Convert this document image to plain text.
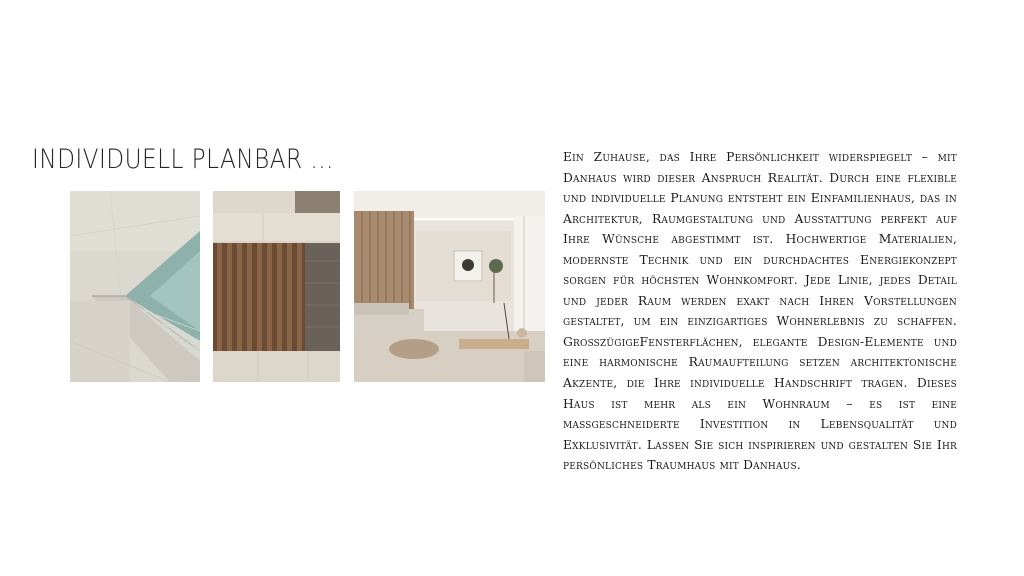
INDIVIDUELL PLANBAR ...	Ein Zuhause, das Ihre Persönlichkeit widerspiegelt – mit Danhaus wird dieser Anspruch Realität. Durch eine flexible und individuelle Planung entsteht ein Einfamilienhaus, das in Architektur, Raumgestaltung und Ausstattung perfekt auf Ihre Wünsche abgestimmt ist. Hochwertige Materialien, modernste Technik und ein durchdachtes Energiekonzept sorgen für höchsten Wohnkomfort. Jede Linie, jedes Detail und jeder Raum werden exakt nach Ihren Vorstellungen gestaltet, um ein einzigartiges Wohnerlebnis zu schaffen. GroßzügigeFensterflächen, elegante Design-Elemente und eine harmonische Raumaufteilung setzen architektonische Akzente, die Ihre individuelle Handschrift tragen. Dieses Haus ist mehr als ein Wohnraum – es ist eine maßgeschneiderte Investition in Lebensqualität und Exklusivität. Lassen Sie sich inspirieren und gestalten Sie Ihr persönliches Traumhaus mit Danhaus.
